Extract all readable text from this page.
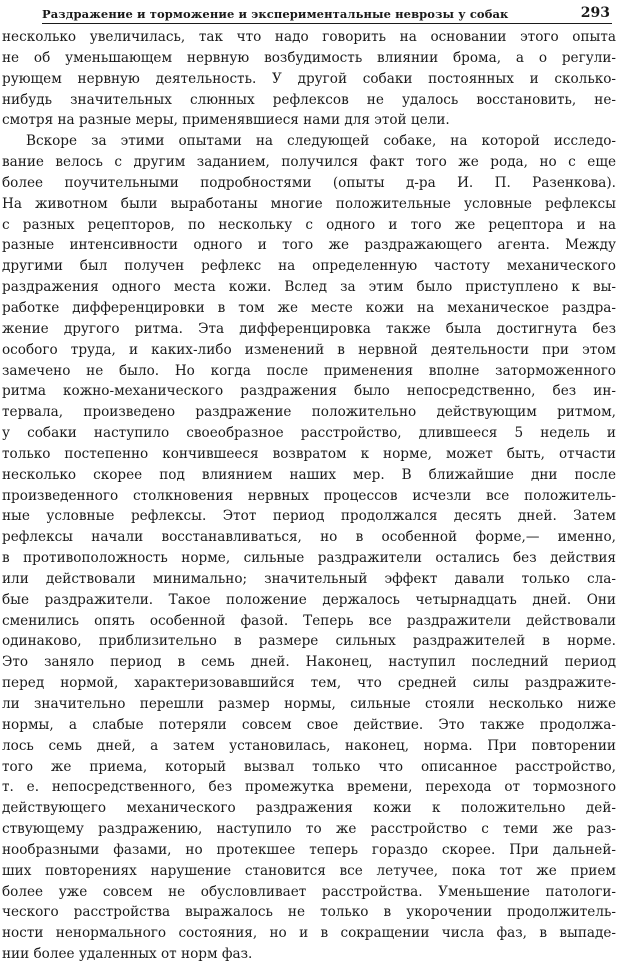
Раздражение и торможение и экспериментальные неврозы у собак	293
несколько увеличилась, так что надо говорить на основании этого опыта
не об уменьшающем нервную возбудимость влиянии брома, а о регули-
рующем нервную деятельность. У другой собаки постоянных и сколько-
нибудь значительных слюнных рефлексов не удалось восстановить, не-
смотря на разные меры, применявшиеся нами для этой цели.
Вскоре за этими опытами на следующей собаке, на которой исследо-
вание велось с другим заданием, получился факт того же рода, но с еще
более поучительными подробностями (опыты д-ра И. П. Разенкова).
На животном были выработаны многие положительные условные рефлексы
с разных рецепторов, по нескольку с одного и того же рецептора и на
разные интенсивности одного и того же раздражающего агента. Между
другими был получен рефлекс на определенную частоту механического
раздражения одного места кожи. Вслед за этим было приступлено к вы-
работке дифференцировки в том же месте кожи на механическое раздра-
жение другого ритма. Эта дифференцировка также была достигнута без
особого труда, и каких-либо изменений в нервной деятельности при этом
замечено не было. Но когда после применения вполне заторможенного
ритма кожно-механического раздражения было непосредственно, без ин-
тервала, произведено раздражение положительно действующим ритмом,
у собаки наступило своеобразное расстройство, длившееся 5 недель и
только постепенно кончившееся возвратом к норме, может быть, отчасти
несколько скорее под влиянием наших мер. В ближайшие дни после
произведенного столкновения нервных процессов исчезли все положитель-
ные условные рефлексы. Этот период продолжался десять дней. Затем
рефлексы начали восстанавливаться, но в особенной форме,— именно,
в противоположность норме, сильные раздражители остались без действия
или действовали минимально; значительный эффект давали только сла-
бые раздражители. Такое положение держалось четырнадцать дней. Они
сменились опять особенной фазой. Теперь все раздражители действовали
одинаково, приблизительно в размере сильных раздражителей в норме.
Это заняло период в семь дней. Наконец, наступил последний период
перед нормой, характеризовавшийся тем, что средней силы раздражите-
ли значительно перешли размер нормы, сильные стояли несколько ниже
нормы, а слабые потеряли совсем свое действие. Это также продолжа-
лось семь дней, а затем установилась, наконец, норма. При повторении
того же приема, который вызвал только что описанное расстройство,
т. е. непосредственного, без промежутка времени, перехода от тормозного
действующего механического раздражения кожи к положительно дей-
ствующему раздражению, наступило то же расстройство с теми же раз-
нообразными фазами, но протекшее теперь гораздо скорее. При дальней-
ших повторениях нарушение становится все летучее, пока тот же прием
более уже совсем не обусловливает расстройства. Уменьшение патологи-
ческого расстройства выражалось не только в укорочении продолжитель-
ности ненормального состояния, но и в сокращении числа фаз, в выпаде-
нии более удаленных от норм фаз.
